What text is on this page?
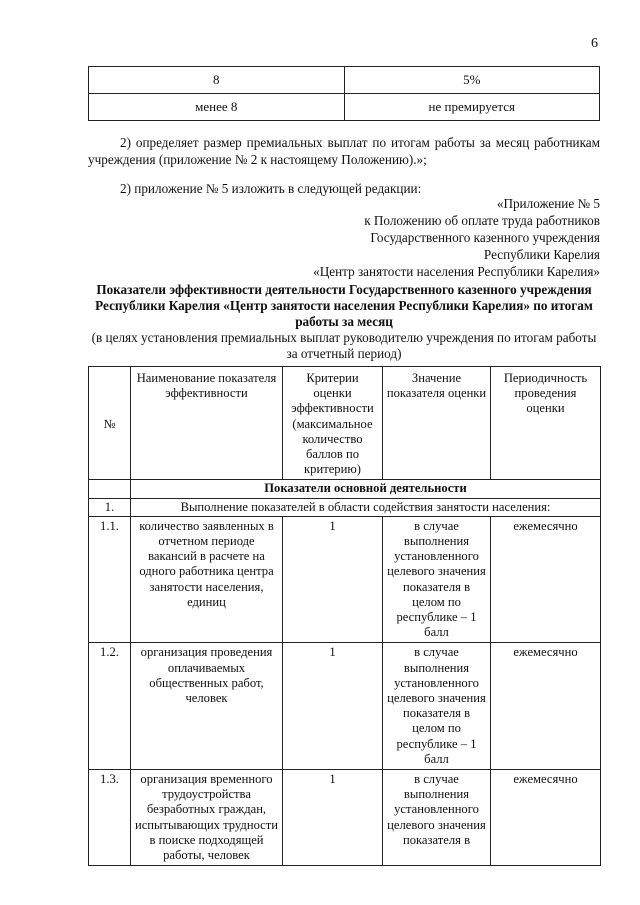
6
8	5%
менее 8	не премируется
2) определяет размер премиальных выплат по итогам работы за месяц работникам учреждения (приложение № 2 к настоящему Положению).»;
2) приложение № 5 изложить в следующей редакции:
«Приложение № 5
к Положению об оплате труда работников
Государственного казенного учреждения
Республики Карелия
«Центр занятости населения Республики Карелия»
Показатели эффективности деятельности Государственного казенного учреждения Республики Карелия «Центр занятости населения Республики Карелия» по итогам работы за месяц
(в целях установления премиальных выплат руководителю учреждения по итогам работы за отчетный период)
№	Наименование показателя эффективности	Критерии оценки эффективности (максимальное количество баллов по критерию)	Значение показателя оценки	Периодичность проведения оценки
	Показатели основной деятельности			
1.	Выполнение показателей в области содействия занятости населения:			
1.1.	количество заявленных в отчетном периоде вакансий в расчете на одного работника центра занятости населения, единиц	1	в случае выполнения установленного целевого значения показателя в целом по республике – 1 балл	ежемесячно
1.2.	организация проведения оплачиваемых общественных работ, человек	1	в случае выполнения установленного целевого значения показателя в целом по республике – 1 балл	ежемесячно
1.3.	организация временного трудоустройства безработных граждан, испытывающих трудности в поиске подходящей работы, человек	1	в случае выполнения установленного целевого значения показателя в	ежемесячно
